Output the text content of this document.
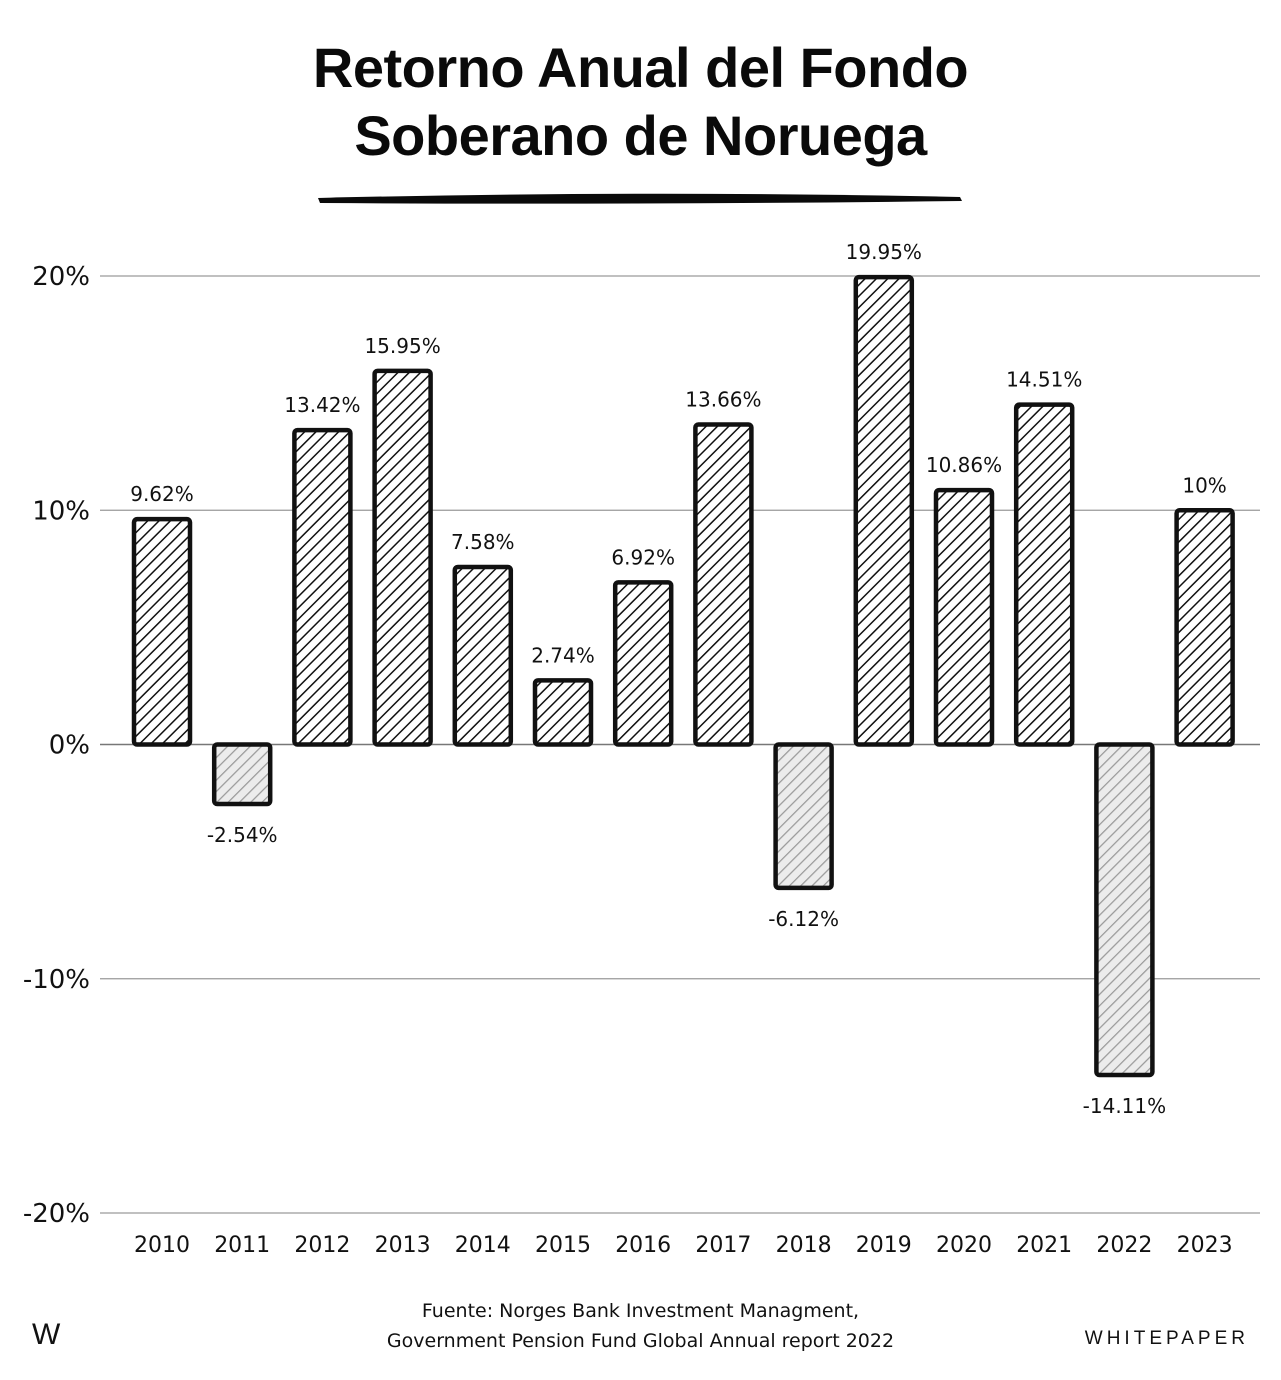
Retorno Anual del Fondo
Soberano de Noruega
20%
10%
0%
-10%
-20%
9.62%
-2.54%
13.42%
15.95%
7.58%
2.74%
6.92%
13.66%
-6.12%
19.95%
10.86%
14.51%
-14.11%
10%
2010 2011 2012 2013 2014 2015 2016 2017 2018 2019 2020 2021 2022 2023
Fuente: Norges Bank Investment Managment,
Government Pension Fund Global Annual report 2022
W	WHITEPAPER
